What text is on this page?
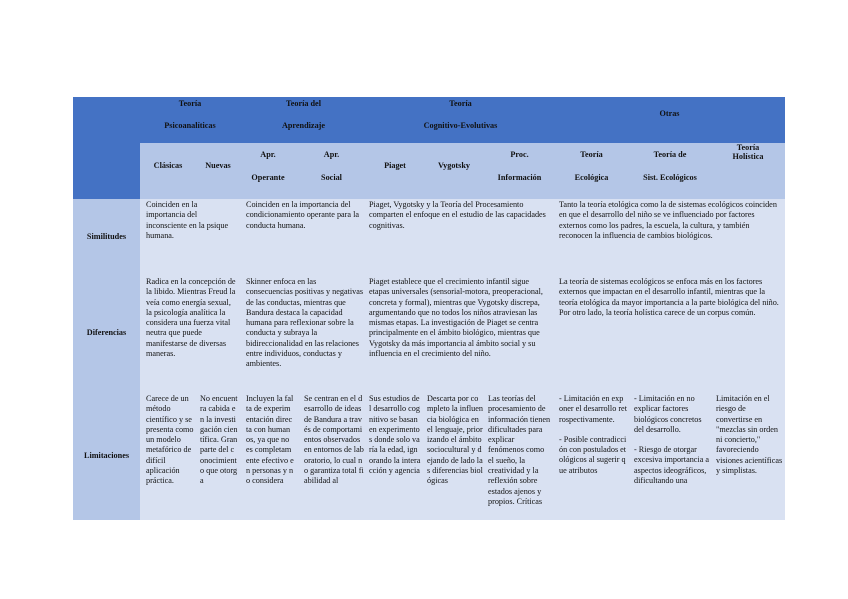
Teoría
Psicoanalíticas
Teoría del
Aprendizaje
Teoría
Cognitivo-Evolutivas
Otras
Clásicas	Nuevas
Apr.
Operante
Apr.
Social
Piaget	Vygotsky
Proc.
Información
Teoría
Ecológica
Teoría de
Sist. Ecológicos
Teoría
Holística
Similitudes
Coinciden en la importancia del inconsciente en la psique humana.
Coinciden en la importancia del condicionamiento operante para la conducta humana.
Piaget, Vygotsky y la Teoría del Procesamiento comparten el enfoque en el estudio de las capacidades cognitivas.
Tanto la teoría etológica como la de sistemas ecológicos coinciden en que el desarrollo del niño se ve influenciado por factores externos como los padres, la escuela, la cultura, y también reconocen la influencia de cambios biológicos.
Diferencias
Radica en la concepción de la libido. Mientras Freud la veía como energía sexual, la psicología analítica la considera una fuerza vital neutra que puede manifestarse de diversas maneras.
Skinner enfoca en las consecuencias positivas y negativas de las conductas, mientras que Bandura destaca la capacidad humana para reflexionar sobre la conducta y subraya la bidireccionalidad en las relaciones entre individuos, conductas y ambientes.
Piaget establece que el crecimiento infantil sigue etapas universales (sensorial-motora, preoperacional, concreta y formal), mientras que Vygotsky discrepa, argumentando que no todos los niños atraviesan las mismas etapas. La investigación de Piaget se centra principalmente en el ámbito biológico, mientras que Vygotsky da más importancia al ámbito social y su influencia en el crecimiento del niño.
La teoría de sistemas ecológicos se enfoca más en los factores externos que impactan en el desarrollo infantil, mientras que la teoría etológica da mayor importancia a la parte biológica del niño. Por otro lado, la teoría holística carece de un corpus común.
Limitaciones
Carece de un método científico y se presenta como un modelo metafórico de difícil aplicación práctica.
No encuentra cabida en la investigación científica. Gran parte del conocimiento que otorga
Incluyen la falta de experimentación directa con humanos, ya que no es completamente efectivo en personas y no considera
Se centran en el desarrollo de ideas de Bandura a través de comportamientos observados en entornos de laboratorio, lo cual no garantiza total fiabilidad al
Sus estudios del desarrollo cognitivo se basan en experimentos donde solo varía la edad, ignorando la interacción y agencia
Descarta por completo la influencia biológica en el lenguaje, priorizando el ámbito sociocultural y dejando de lado las diferencias biológicas
Las teorías del procesamiento de información tienen dificultades para explicar fenómenos como el sueño, la creatividad y la reflexión sobre estados ajenos y propios. Críticas
- Limitación en exponer el desarrollo retrospectivamente.
- Posible contradicción con postulados etológicos al sugerir que atributos
- Limitación en no explicar factores biológicos concretos del desarrollo.
- Riesgo de otorgar excesiva importancia a aspectos ideográficos, dificultando una
Limitación en el riesgo de convertirse en "mezclas sin orden ni concierto," favoreciendo visiones acientíficas y simplistas.
